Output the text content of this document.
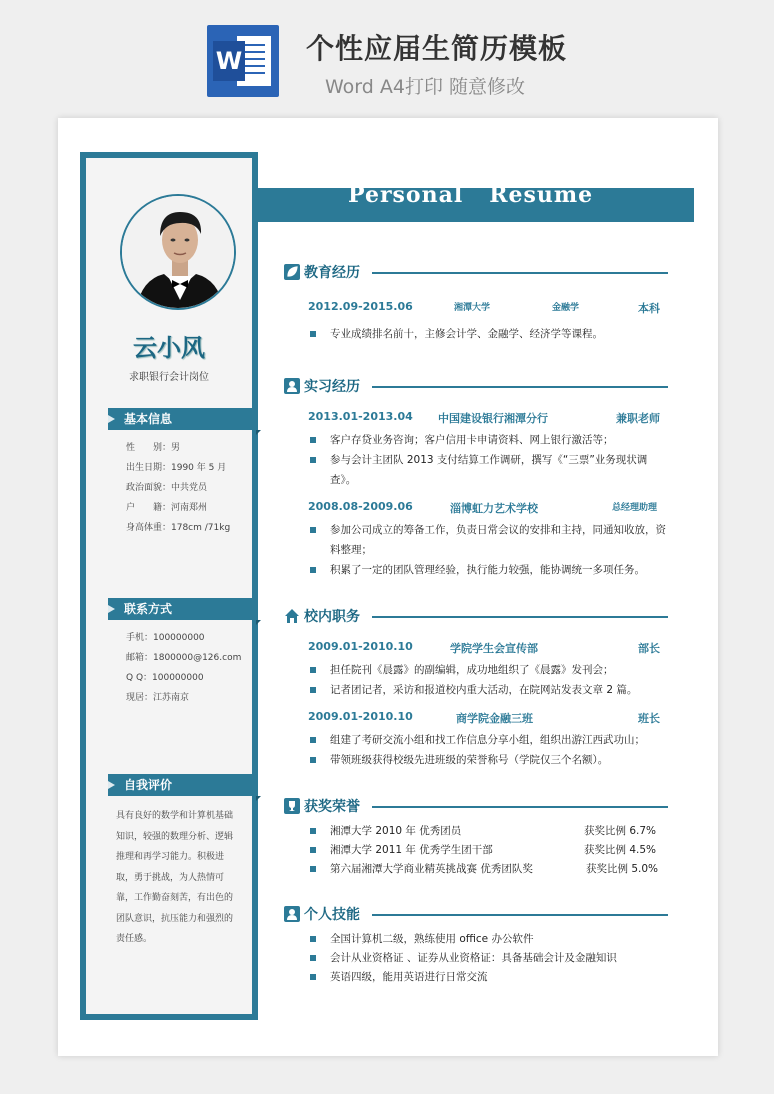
W 个性应届生简历模板
Word A4打印 随意修改
云小风
求职银行会计岗位
基本信息
性　　别：男
出生日期：1990 年 5 月
政治面貌：中共党员
户　　籍：河南郑州
身高体重：178cm /71kg
联系方式
手机：100000000
邮箱：1800000@126.com
Q Q：100000000
现居：江苏南京
自我评价
具有良好的数学和计算机基础知识，较强的数理分析、逻辑推理和再学习能力。积极进取，勇于挑战，为人热情可靠，工作勤奋刻苦，有出色的团队意识，抗压能力和强烈的责任感。
Personal Resume
教育经历
2012.09-2015.06	湘潭大学	金融学	本科
专业成绩排名前十，主修会计学、金融学、经济学等课程。
实习经历
2013.01-2013.04 中国建设银行湘潭分行	兼职老师
客户存贷业务咨询；客户信用卡申请资料、网上银行激活等；
参与会计主团队 2013 支付结算工作调研，撰写《“三票”业务现状调查》。
2008.08-2009.06	淄博虹力艺术学校	总经理助理
参加公司成立的筹备工作，负责日常会议的安排和主持，同通知收放，资料整理；
积累了一定的团队管理经验，执行能力较强，能协调统一多项任务。
校内职务
2009.01-2010.10	学院学生会宣传部	部长
担任院刊《晨露》的副编辑，成功地组织了《晨露》发刊会；
记者团记者，采访和报道校内重大活动，在院网站发表文章 2 篇。
2009.01-2010.10	商学院金融三班	班长
组建了考研交流小组和找工作信息分享小组，组织出游江西武功山；
带领班级获得校级先进班级的荣誉称号（学院仅三个名额）。
获奖荣誉
湘潭大学 2010 年 优秀团员	获奖比例 6.7%
湘潭大学 2011 年 优秀学生团干部	获奖比例 4.5%
第六届湘潭大学商业精英挑战赛 优秀团队奖	获奖比例 5.0%
个人技能
全国计算机二级，熟练使用 office 办公软件
会计从业资格证 、证券从业资格证：具备基础会计及金融知识
英语四级，能用英语进行日常交流
